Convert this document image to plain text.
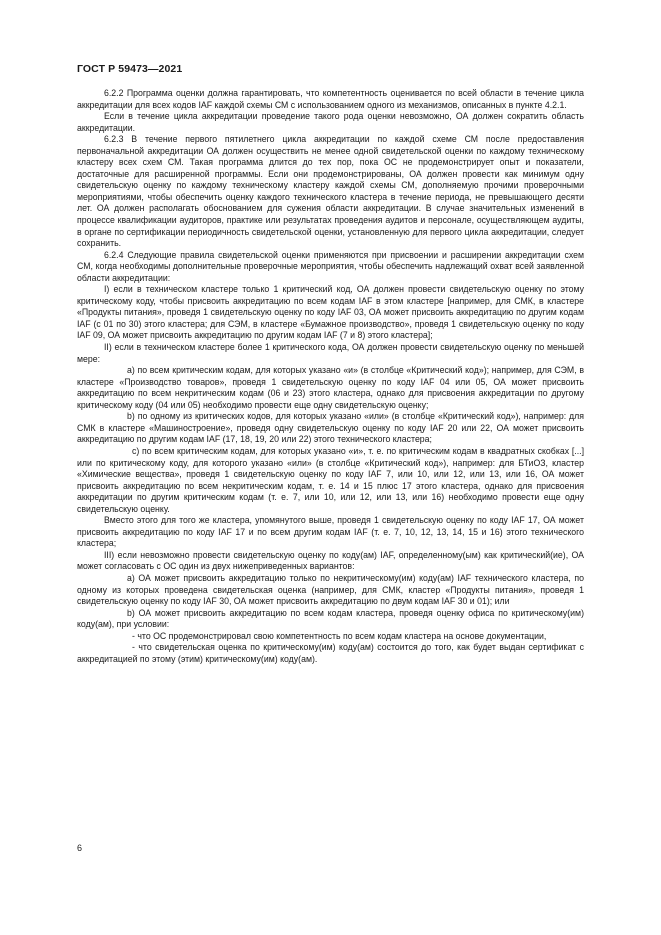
ГОСТ Р 59473—2021

6.2.2 Программа оценки должна гарантировать, что компетентность оценивается по всей области в течение цикла аккредитации для всех кодов IAF каждой схемы СМ с использованием одного из механизмов, описанных в пункте 4.2.1.

Если в течение цикла аккредитации проведение такого рода оценки невозможно, ОА должен сократить область аккредитации.

6.2.3 В течение первого пятилетнего цикла аккредитации по каждой схеме СМ после предоставления первоначальной аккредитации ОА должен осуществить не менее одной свидетельской оценки по каждому техническому кластеру всех схем СМ. Такая программа длится до тех пор, пока ОС не продемонстрирует опыт и показатели, достаточные для расширенной программы. Если они продемонстрированы, ОА должен провести как минимум одну свидетельскую оценку по каждому техническому кластеру каждой схемы СМ, дополняемую прочими проверочными мероприятиями, чтобы обеспечить оценку каждого технического кластера в течение периода, не превышающего десяти лет. ОА должен располагать обоснованием для сужения области аккредитации. В случае значительных изменений в процессе квалификации аудиторов, практике или результатах проведения аудитов и персонале, осуществляющем аудиты, в органе по сертификации периодичность свидетельской оценки, установленную для первого цикла аккредитации, следует сохранить.

6.2.4 Следующие правила свидетельской оценки применяются при присвоении и расширении аккредитации схем СМ, когда необходимы дополнительные проверочные мероприятия, чтобы обеспечить надлежащий охват всей заявленной области аккредитации:

I) если в техническом кластере только 1 критический код, ОА должен провести свидетельскую оценку по этому критическому коду, чтобы присвоить аккредитацию по всем кодам IAF в этом кластере [например, для СМК, в кластере «Продукты питания», проведя 1 свидетельскую оценку по коду IAF 03, ОА может присвоить аккредитацию по другим кодам IAF (с 01 по 30) этого кластера; для СЭМ, в кластере «Бумажное производство», проведя 1 свидетельскую оценку по коду IAF 09, ОА может присвоить аккредитацию по другим кодам IAF (7 и 8) этого кластера];

II) если в техническом кластере более 1 критического кода, ОА должен провести свидетельскую оценку по меньшей мере:

a) по всем критическим кодам, для которых указано «и» (в столбце «Критический код»); например, для СЭМ, в кластере «Производство товаров», проведя 1 свидетельскую оценку по коду IAF 04 или 05, ОА может присвоить аккредитацию по всем некритическим кодам (06 и 23) этого кластера, однако для присвоения аккредитации по другому критическому коду (04 или 05) необходимо провести еще одну свидетельскую оценку;

b) по одному из критических кодов, для которых указано «или» (в столбце «Критический код»), например: для СМК в кластере «Машиностроение», проведя одну свидетельскую оценку по коду IAF 20 или 22, ОА может присвоить аккредитацию по другим кодам IAF (17, 18, 19, 20 или 22) этого технического кластера;

c) по всем критическим кодам, для которых указано «и», т. е. по критическим кодам в квадратных скобках [...] или по критическому коду, для которого указано «или» (в столбце «Критический код»), например: для БТиОЗ, кластер «Химические вещества», проведя 1 свидетельскую оценку по коду IAF 7, или 10, или 12, или 13, или 16, ОА может присвоить аккредитацию по всем некритическим кодам, т. е. 14 и 15 плюс 17 этого кластера, однако для присвоения аккредитации по другим критическим кодам (т. е. 7, или 10, или 12, или 13, или 16) необходимо провести еще одну свидетельскую оценку.

Вместо этого для того же кластера, упомянутого выше, проведя 1 свидетельскую оценку по коду IAF 17, ОА может присвоить аккредитацию по коду IAF 17 и по всем другим кодам IAF (т. е. 7, 10, 12, 13, 14, 15 и 16) этого технического кластера;

III) если невозможно провести свидетельскую оценку по коду(ам) IAF, определенному(ым) как критический(ие), ОА может согласовать с ОС один из двух нижеприведенных вариантов:

a) ОА может присвоить аккредитацию только по некритическому(им) коду(ам) IAF технического кластера, по одному из которых проведена свидетельская оценка (например, для СМК, кластер «Продукты питания», проведя 1 свидетельскую оценку по коду IAF 30, ОА может присвоить аккредитацию по двум кодам IAF 30 и 01); или

b) ОА может присвоить аккредитацию по всем кодам кластера, проведя оценку офиса по критическому(им) коду(ам), при условии:

- что ОС продемонстрировал свою компетентность по всем кодам кластера на основе документации,

- что свидетельская оценка по критическому(им) коду(ам) состоится до того, как будет выдан сертификат с аккредитацией по этому (этим) критическому(им) коду(ам).

6
